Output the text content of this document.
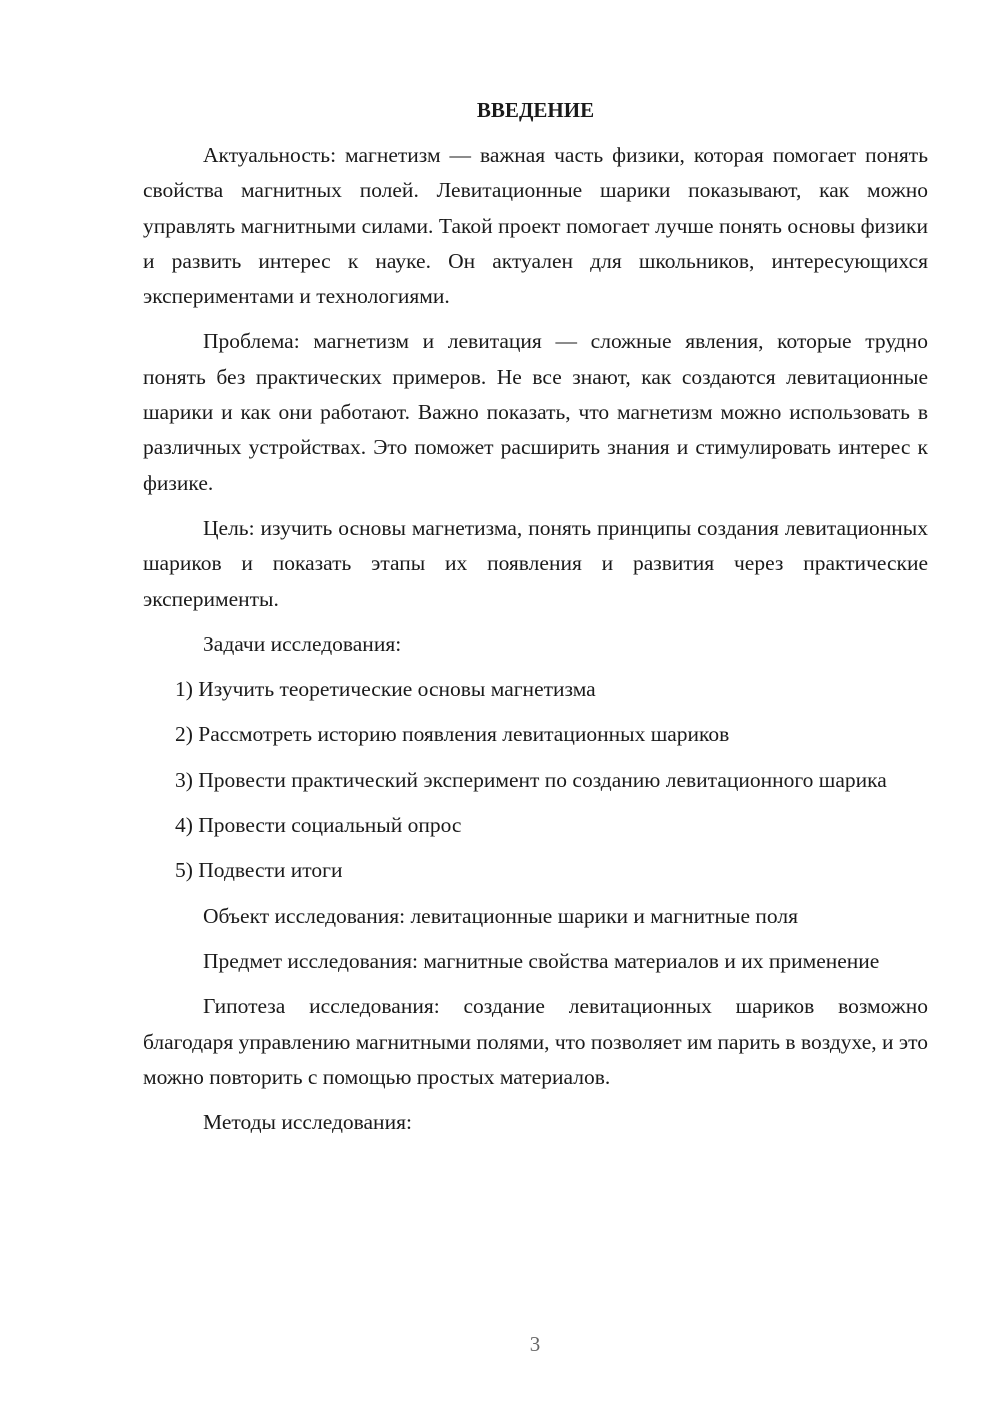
ВВЕДЕНИЕ

Актуальность: магнетизм — важная часть физики, которая помогает понять свойства магнитных полей. Левитационные шарики показывают, как можно управлять магнитными силами. Такой проект помогает лучше понять основы физики и развить интерес к науке. Он актуален для школьников, интересующихся экспериментами и технологиями.

Проблема: магнетизм и левитация — сложные явления, которые трудно понять без практических примеров. Не все знают, как создаются левитационные шарики и как они работают. Важно показать, что магнетизм можно использовать в различных устройствах. Это поможет расширить знания и стимулировать интерес к физике.

Цель: изучить основы магнетизма, понять принципы создания левитационных шариков и показать этапы их появления и развития через практические эксперименты.

Задачи исследования:

1) Изучить теоретические основы магнетизма

2) Рассмотреть историю появления левитационных шариков

3) Провести практический эксперимент по созданию левитационного шарика

4) Провести социальный опрос

5) Подвести итоги

Объект исследования: левитационные шарики и магнитные поля

Предмет исследования: магнитные свойства материалов и их применение

Гипотеза исследования: создание левитационных шариков возможно благодаря управлению магнитными полями, что позволяет им парить в воздухе, и это можно повторить с помощью простых материалов.

Методы исследования:

3
